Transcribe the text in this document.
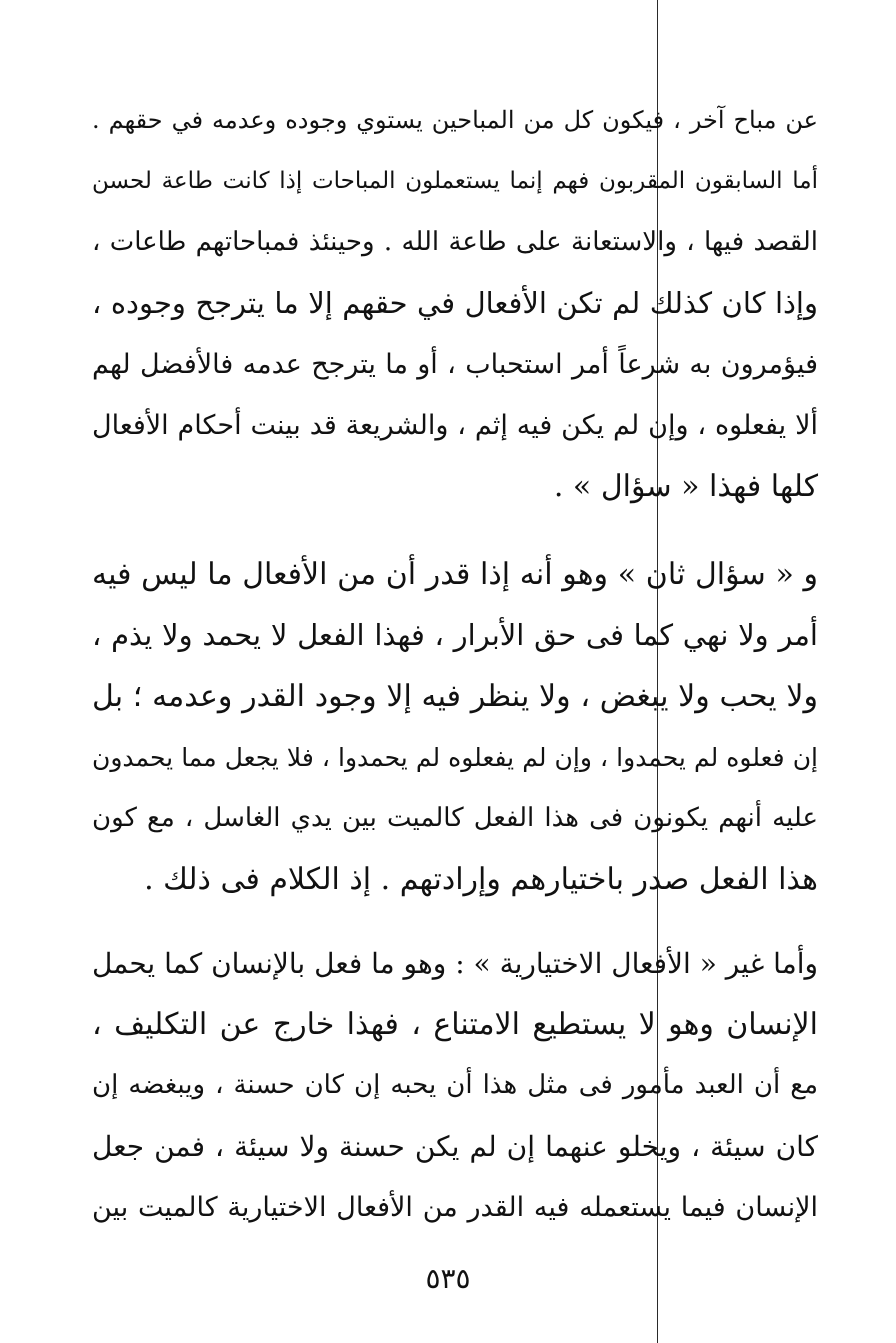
عن مباح آخر ، فيكون كل من المباحين يستوي وجوده وعدمه في حقهم .
أما السابقون المقربون فهم إنما يستعملون المباحات إذا كانت طاعة لحسن
القصد فيها ، والاستعانة على طاعة الله . وحينئذ فمباحاتهم طاعات ،
وإذا كان كذلك لم تكن الأفعال في حقهم إلا ما يترجح وجوده ،
فيؤمرون به شرعاً أمر استحباب ، أو ما يترجح عدمه فالأفضل لهم
ألا يفعلوه ، وإن لم يكن فيه إثم ، والشريعة قد بينت أحكام الأفعال
كلها فهذا « سؤال » .
و « سؤال ثان » وهو أنه إذا قدر أن من الأفعال ما ليس فيه
أمر ولا نهي كما فى حق الأبرار ، فهذا الفعل لا يحمد ولا يذم ،
ولا يحب ولا يبغض ، ولا ينظر فيه إلا وجود القدر وعدمه ؛ بل
إن فعلوه لم يحمدوا ، وإن لم يفعلوه لم يحمدوا ، فلا يجعل مما يحمدون
عليه أنهم يكونون فى هذا الفعل كالميت بين يدي الغاسل ، مع كون
هذا الفعل صدر باختيارهم وإرادتهم . إذ الكلام فى ذلك .
وأما غير « الأفعال الاختيارية » : وهو ما فعل بالإنسان كما يحمل
الإنسان وهو لا يستطيع الامتناع ، فهذا خارج عن التكليف ،
مع أن العبد مأمور فى مثل هذا أن يحبه إن كان حسنة ، ويبغضه إن
كان سيئة ، ويخلو عنهما إن لم يكن حسنة ولا سيئة ، فمن جعل
الإنسان فيما يستعمله فيه القدر من الأفعال الاختيارية كالميت بين
٥٣٥
